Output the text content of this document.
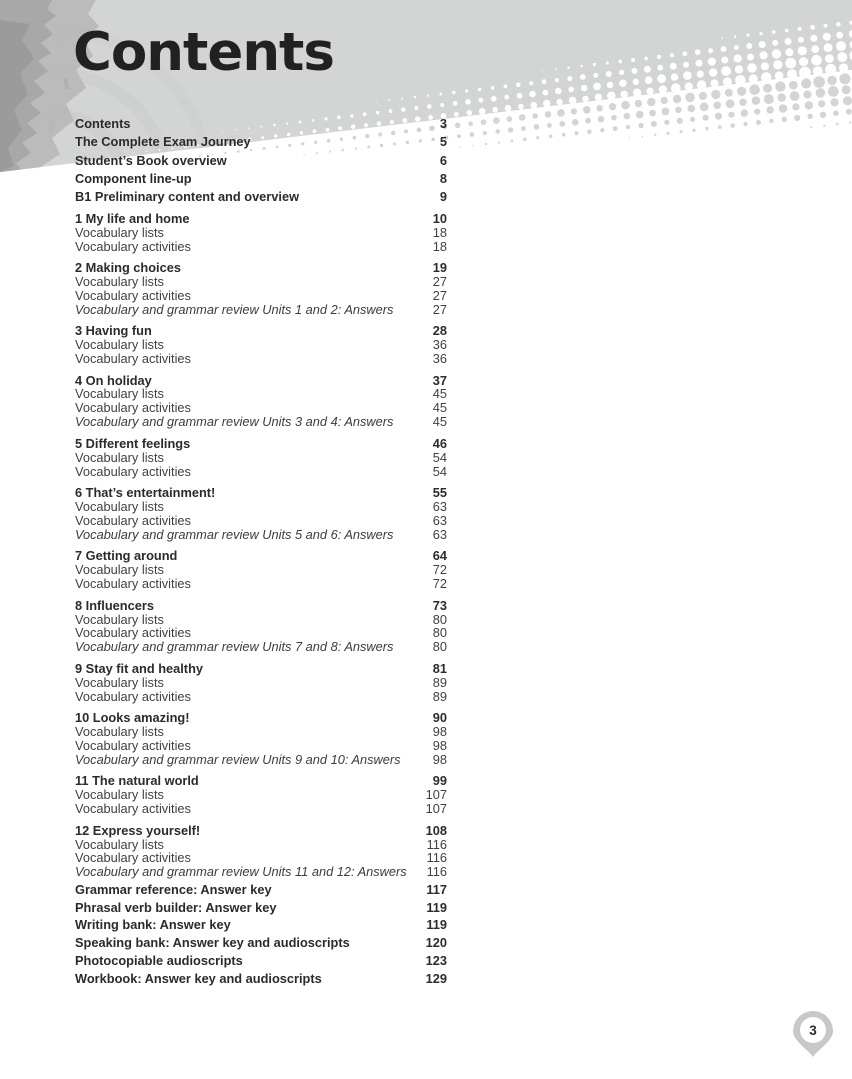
Contents
Contents	3
The Complete Exam Journey	5
Student’s Book overview	6
Component line-up	8
B1 Preliminary content and overview	9
1 My life and home	10
Vocabulary lists	18
Vocabulary activities	18
2 Making choices	19
Vocabulary lists	27
Vocabulary activities	27
Vocabulary and grammar review Units 1 and 2: Answers	27
3 Having fun	28
Vocabulary lists	36
Vocabulary activities	36
4 On holiday	37
Vocabulary lists	45
Vocabulary activities	45
Vocabulary and grammar review Units 3 and 4: Answers	45
5 Different feelings	46
Vocabulary lists	54
Vocabulary activities	54
6 That’s entertainment!	55
Vocabulary lists	63
Vocabulary activities	63
Vocabulary and grammar review Units 5 and 6: Answers	63
7 Getting around	64
Vocabulary lists	72
Vocabulary activities	72
8 Influencers	73
Vocabulary lists	80
Vocabulary activities	80
Vocabulary and grammar review Units 7 and 8: Answers	80
9 Stay fit and healthy	81
Vocabulary lists	89
Vocabulary activities	89
10 Looks amazing!	90
Vocabulary lists	98
Vocabulary activities	98
Vocabulary and grammar review Units 9 and 10: Answers	98
11 The natural world	99
Vocabulary lists	107
Vocabulary activities	107
12 Express yourself!	108
Vocabulary lists	116
Vocabulary activities	116
Vocabulary and grammar review Units 11 and 12: Answers	116
Grammar reference: Answer key	117
Phrasal verb builder: Answer key	119
Writing bank: Answer key	119
Speaking bank: Answer key and audioscripts	120
Photocopiable audioscripts	123
Workbook: Answer key and audioscripts	129
3
